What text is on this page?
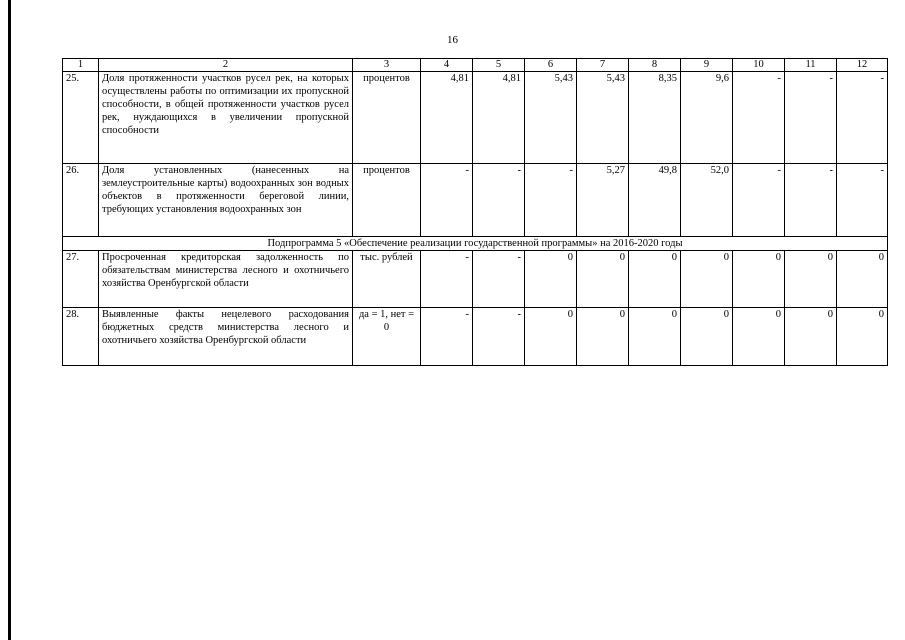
16
1	2	3	4	5	6	7	8	9	10	11	12
25.	Доля протяженности участков русел рек, на которых осуществлены работы по оптимизации их пропускной способности, в общей протяженности участков русел рек, нуждающихся в увеличении пропускной способности	процентов	4,81	4,81	5,43	5,43	8,35	9,6	-	-	-
26.	Доля установленных (нанесенных на землеустроительные карты) водоохранных зон водных объектов в протяженности береговой линии, требующих установления водоохранных зон	процентов	-	-	-	5,27	49,8	52,0	-	-	-
Подпрограмма 5 «Обеспечение реализации государственной программы» на 2016-2020 годы											
27.	Просроченная кредиторская задолженность по обязательствам министерства лесного и охотничьего хозяйства Оренбургской области	тыс. рублей	-	-	0	0	0	0	0	0	0
28.	Выявленные факты нецелевого расходования бюджетных средств министерства лесного и охотничьего хозяйства Оренбургской области	да = 1, нет = 0	-	-	0	0	0	0	0	0	0
